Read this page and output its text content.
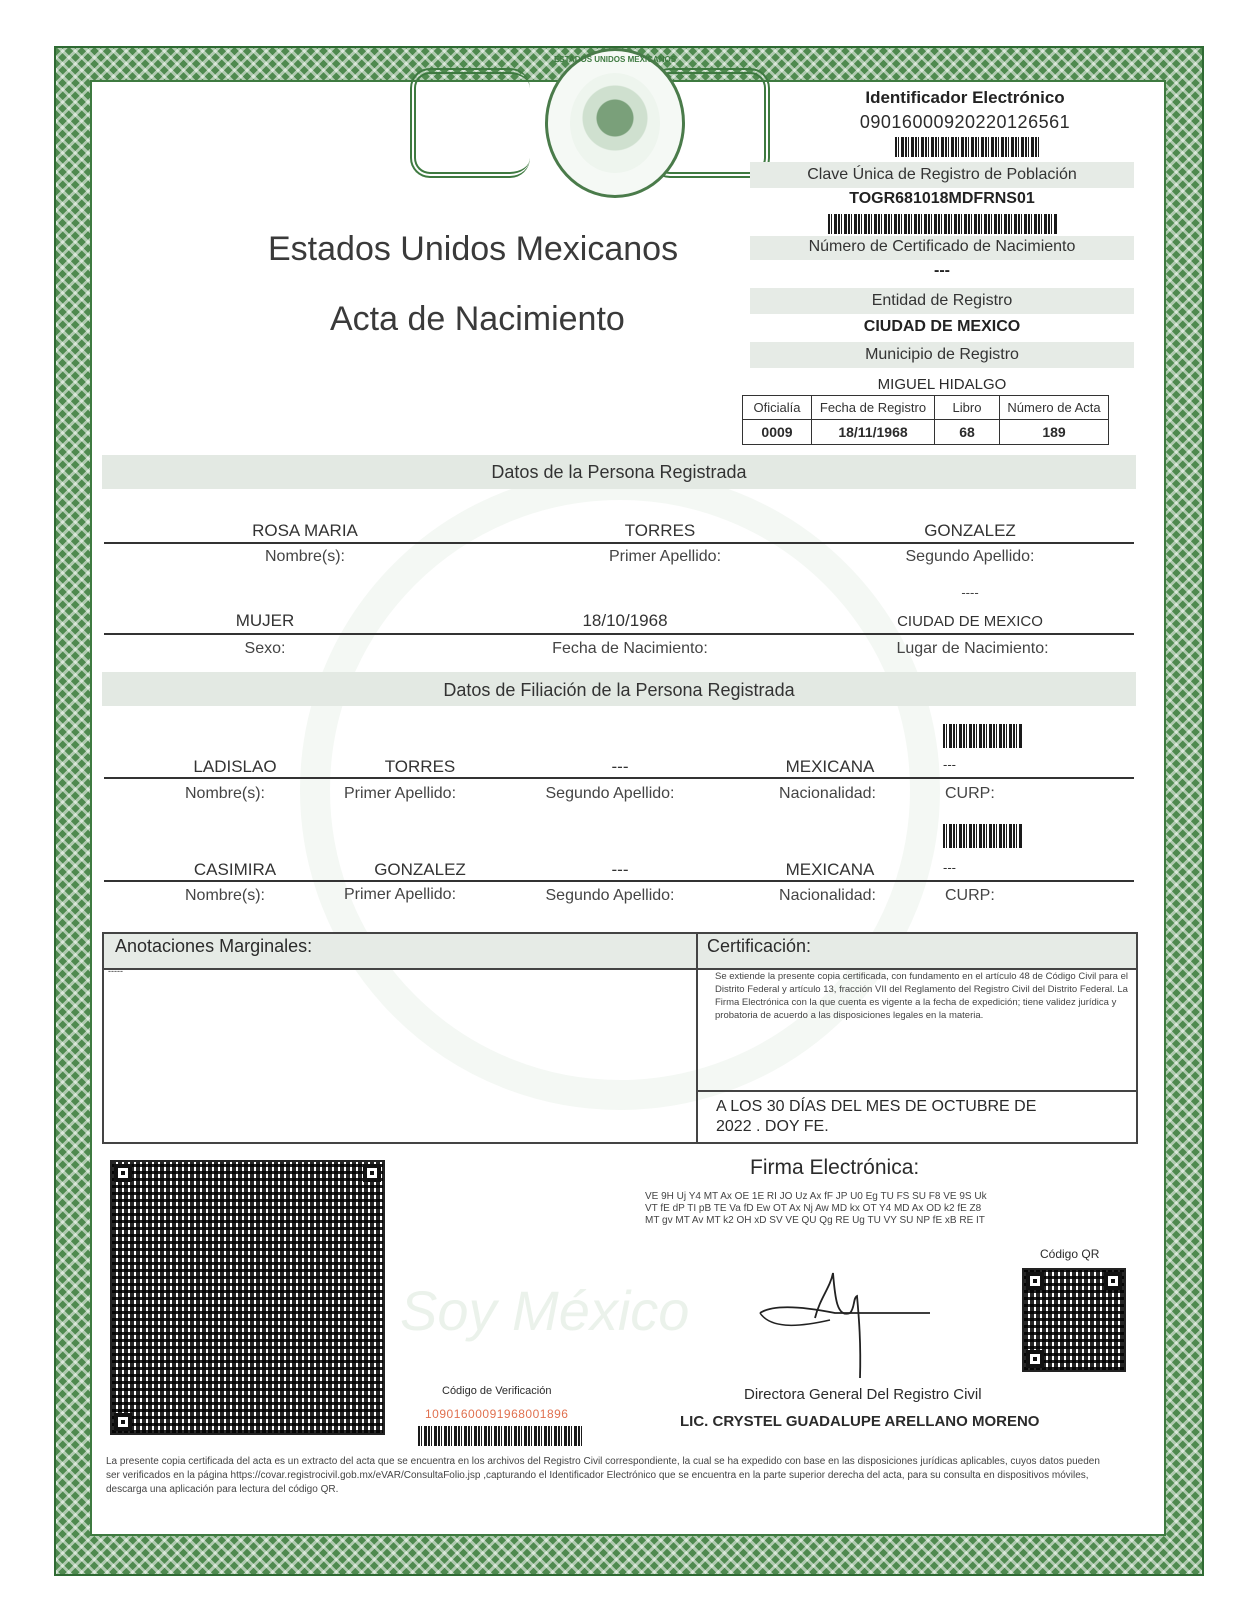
Soy México
ESTADOS UNIDOS MEXICANOS
Estados Unidos Mexicanos
Acta de Nacimiento
Identificador Electrónico
09016000920220126561
Clave Única de Registro de Población
TOGR681018MDFRNS01
Número de Certificado de Nacimiento
---
Entidad de Registro
CIUDAD DE MEXICO
Municipio de Registro
MIGUEL HIDALGO
Oficialía	Fecha de Registro	Libro	Número de Acta
0009	18/11/1968	68	189
Datos de la Persona Registrada
ROSA MARIA	TORRES	GONZALEZ
Nombre(s):	Primer Apellido:	Segundo Apellido:
----
MUJER	18/10/1968	CIUDAD DE MEXICO
Sexo:	Fecha de Nacimiento:	Lugar de Nacimiento:
Datos de Filiación de la Persona Registrada
LADISLAO	TORRES	---	MEXICANA	---
Nombre(s):	Primer Apellido:	Segundo Apellido:	Nacionalidad:	CURP:
CASIMIRA	GONZALEZ	---	MEXICANA	---
Nombre(s):	Primer Apellido:	Segundo Apellido:	Nacionalidad:	CURP:
Anotaciones Marginales:
-----
Certificación:
Se extiende la presente copia certificada, con fundamento en el artículo 48 de Código Civil para el Distrito Federal y artículo 13, fracción VII del Reglamento del Registro Civil del Distrito Federal. La Firma Electrónica con la que cuenta es vigente a la fecha de expedición; tiene validez jurídica y probatoria de acuerdo a las disposiciones legales en la materia.
A LOS 30 DÍAS DEL MES DE OCTUBRE DE
2022 . DOY FE.
Firma Electrónica:
VE 9H Uj Y4 MT Ax OE 1E RI JO Uz Ax fF JP U0 Eg TU FS SU F8 VE 9S Uk
VT fE dP TI pB TE Va fD Ew OT Ax Nj Aw MD kx OT Y4 MD Ax OD k2 fE Z8
MT gv MT Av MT k2 OH xD SV VE QU Qg RE Ug TU VY SU NP fE xB RE IT
Código QR
Directora General Del Registro Civil
LIC. CRYSTEL GUADALUPE ARELLANO MORENO
Código de Verificación
10901600091968001896
La presente copia certificada del acta es un extracto del acta que se encuentra en los archivos del Registro Civil correspondiente, la cual se ha expedido con base en las disposiciones jurídicas aplicables, cuyos datos pueden ser verificados en la página https://covar.registrocivil.gob.mx/eVAR/ConsultaFolio.jsp ,capturando el Identificador Electrónico que se encuentra en la parte superior derecha del acta, para su consulta en dispositivos móviles, descarga una aplicación para lectura del código QR.
